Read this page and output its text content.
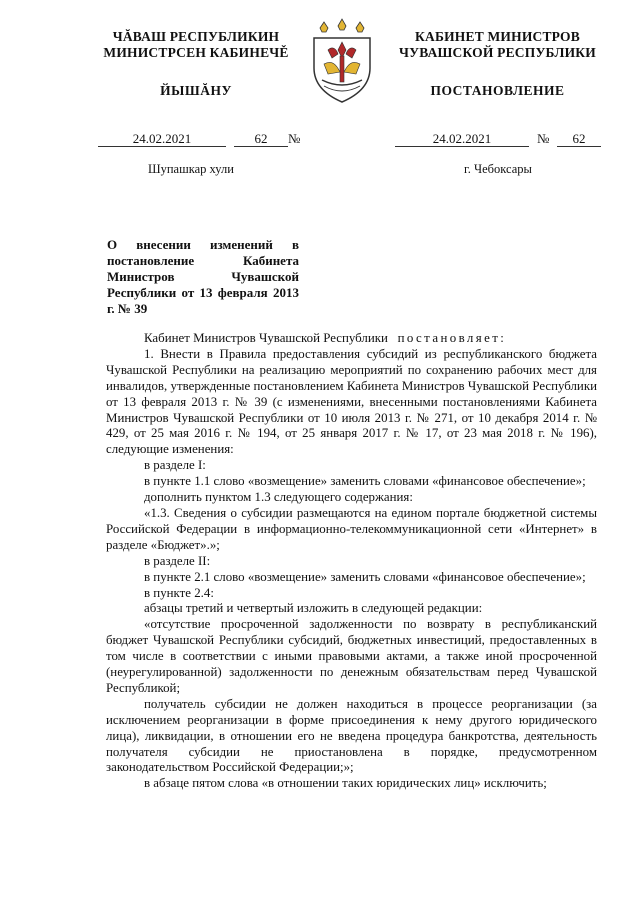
ЧĂВАШ РЕСПУБЛИКИН
МИНИСТРСЕН КАБИНЕЧĚ
ЙЫШĂНУ
КАБИНЕТ МИНИСТРОВ
ЧУВАШСКОЙ РЕСПУБЛИКИ
ПОСТАНОВЛЕНИЕ
24.02.2021	62	№	24.02.2021	№	62
Шупашкар хули	г. Чебоксары
О внесении изменений в постановление Кабинета Министров Чувашской Республики от 13 февраля 2013 г. № 39

Кабинет Министров Чувашской Республики постановляет:

1. Внести в Правила предоставления субсидий из республиканского бюджета Чувашской Республики на реализацию мероприятий по сохранению рабочих мест для инвалидов, утвержденные постановлением Кабинета Министров Чувашской Республики от 13 февраля 2013 г. № 39 (с изменениями, внесенными постановлениями Кабинета Министров Чувашской Республики от 10 июля 2013 г. № 271, от 10 декабря 2014 г. № 429, от 25 мая 2016 г. № 194, от 25 января 2017 г. № 17, от 23 мая 2018 г. № 196), следующие изменения:

в разделе I:

в пункте 1.1 слово «возмещение» заменить словами «финансовое обеспечение»;

дополнить пунктом 1.3 следующего содержания:

«1.3. Сведения о субсидии размещаются на едином портале бюджетной системы Российской Федерации в информационно-телекоммуникационной сети «Интернет» в разделе «Бюджет».»;

в разделе II:

в пункте 2.1 слово «возмещение» заменить словами «финансовое обеспечение»;

в пункте 2.4:

абзацы третий и четвертый изложить в следующей редакции:

«отсутствие просроченной задолженности по возврату в республиканский бюджет Чувашской Республики субсидий, бюджетных инвестиций, предоставленных в том числе в соответствии с иными правовыми актами, а также иной просроченной (неурегулированной) задолженности по денежным обязательствам перед Чувашской Республикой;

получатель субсидии не должен находиться в процессе реорганизации (за исключением реорганизации в форме присоединения к нему другого юридического лица), ликвидации, в отношении его не введена процедура банкротства, деятельность получателя субсидии не приостановлена в порядке, предусмотренном законодательством Российской Федерации;»;

в абзаце пятом слова «в отношении таких юридических лиц» исключить;
